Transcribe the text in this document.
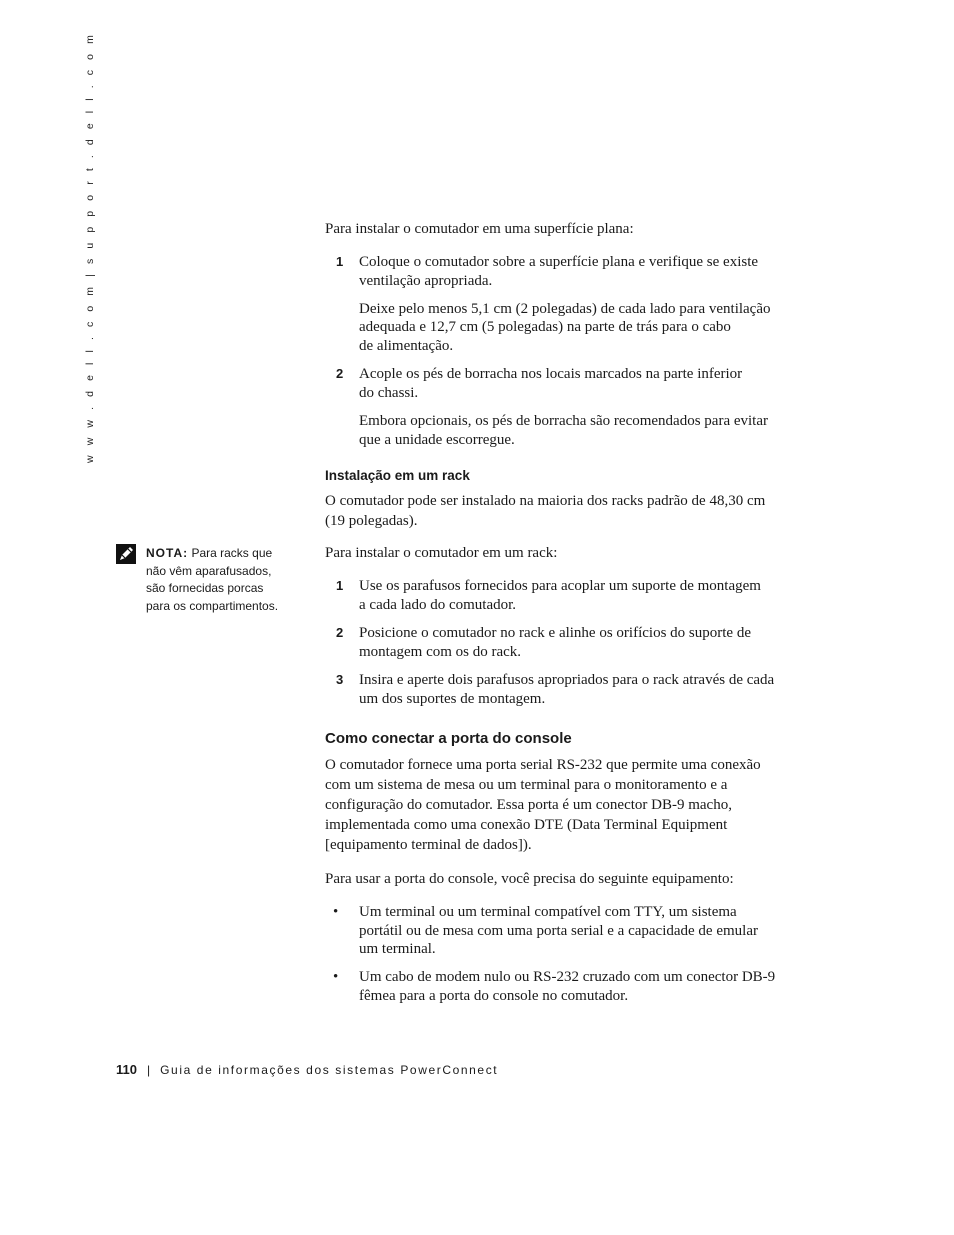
w w w . d e l l . c o m | s u p p o r t . d e l l . c o m	Para instalar o comutador em uma superfície plana:

1 Coloque o comutador sobre a superfície plana e verifique se existe

ventilação apropriada.

Deixe pelo menos 5,1 cm (2 polegadas) de cada lado para ventilação

adequada e 12,7 cm (5 polegadas) na parte de trás para o cabo

de alimentação.

2 Acople os pés de borracha nos locais marcados na parte inferior

do chassi.

Embora opcionais, os pés de borracha são recomendados para evitar

que a unidade escorregue.

Instalação em um rack

O comutador pode ser instalado na maioria dos racks padrão de 48,30 cm

(19 polegadas).

NOTA: Para racks que
não vêm aparafusados,
são fornecidas porcas
para os compartimentos.

Para instalar o comutador em um rack:

1 Use os parafusos fornecidos para acoplar um suporte de montagem

a cada lado do comutador.

2 Posicione o comutador no rack e alinhe os orifícios do suporte de

montagem com os do rack.

3 Insira e aperte dois parafusos apropriados para o rack através de cada

um dos suportes de montagem.

Como conectar a porta do console

O comutador fornece uma porta serial RS-232 que permite uma conexão

com um sistema de mesa ou um terminal para o monitoramento e a

configuração do comutador. Essa porta é um conector DB-9 macho,

implementada como uma conexão DTE (Data Terminal Equipment

[equipamento terminal de dados]).

Para usar a porta do console, você precisa do seguinte equipamento:

• Um terminal ou um terminal compatível com TTY, um sistema

portátil ou de mesa com uma porta serial e a capacidade de emular

um terminal.

• Um cabo de modem nulo ou RS-232 cruzado com um conector DB-9

fêmea para a porta do console no comutador.

110 | Guia de informações dos sistemas PowerConnect
